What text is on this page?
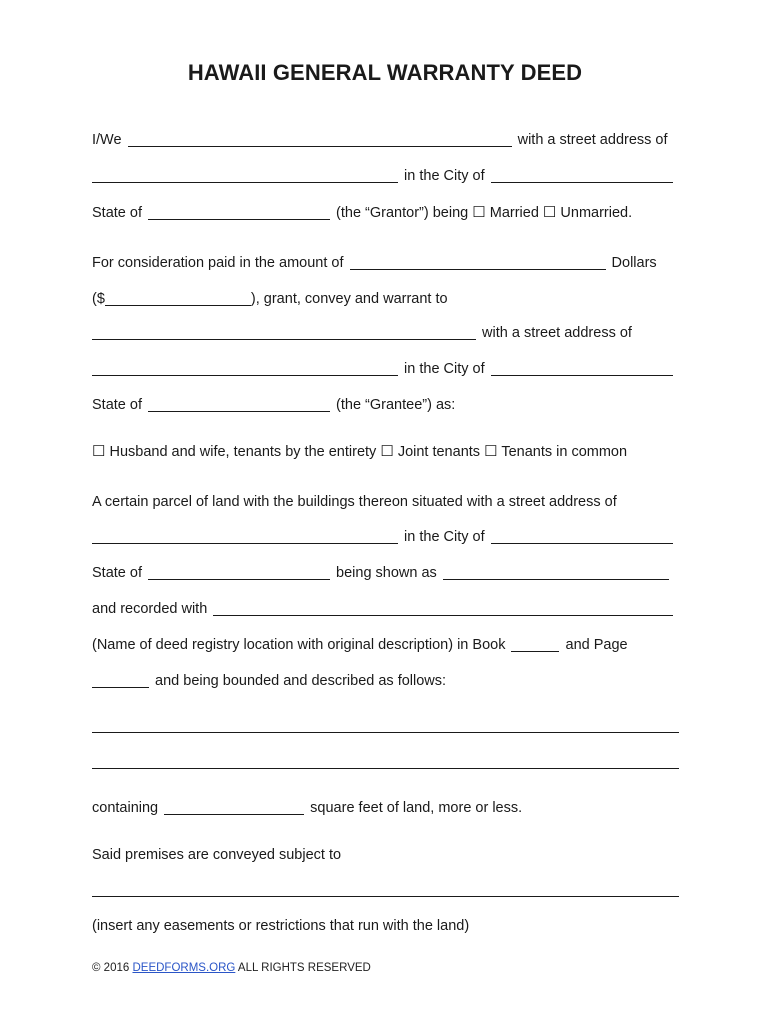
HAWAII GENERAL WARRANTY DEED
I/We	with a street address of
in the City of
State of	(the “Grantor”) being ☐ Married ☐ Unmarried.
For consideration paid in the amount of	Dollars
($	), grant, convey and warrant to
with a street address of
in the City of
State of	(the “Grantee”) as:
☐ Husband and wife, tenants by the entirety ☐ Joint tenants ☐ Tenants in common
A certain parcel of land with the buildings thereon situated with a street address of
in the City of
State of	being shown as
and recorded with
(Name of deed registry location with original description) in Book	and Page
and being bounded and described as follows:
containing	square feet of land, more or less.
Said premises are conveyed subject to
(insert any easements or restrictions that run with the land)
© 2016 DEEDFORMS.ORG ALL RIGHTS RESERVED
